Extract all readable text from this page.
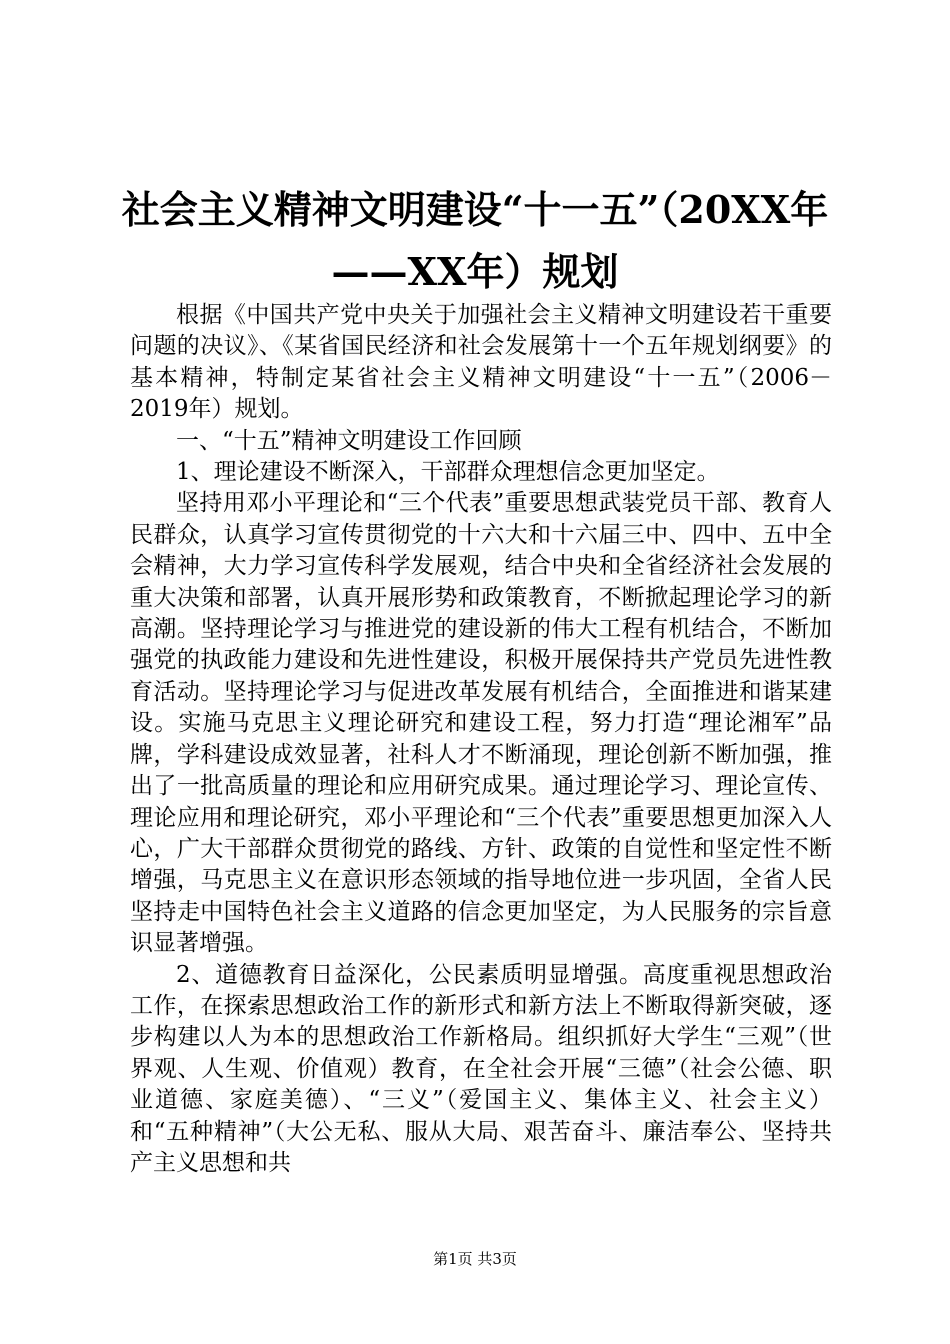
社会主义精神文明建设“十一五”（20XX年
——XX年）规划

根据《中国共产党中央关于加强社会主义精神文明建设若干重要问题的决议》、《某省国民经济和社会发展第十一个五年规划纲要》的基本精神，特制定某省社会主义精神文明建设“十一五”（2006－2019年）规划。

一、“十五”精神文明建设工作回顾

1、理论建设不断深入，干部群众理想信念更加坚定。

坚持用邓小平理论和“三个代表”重要思想武装党员干部、教育人民群众，认真学习宣传贯彻党的十六大和十六届三中、四中、五中全会精神，大力学习宣传科学发展观，结合中央和全省经济社会发展的重大决策和部署，认真开展形势和政策教育，不断掀起理论学习的新高潮。坚持理论学习与推进党的建设新的伟大工程有机结合，不断加强党的执政能力建设和先进性建设，积极开展保持共产党员先进性教育活动。坚持理论学习与促进改革发展有机结合，全面推进和谐某建设。实施马克思主义理论研究和建设工程，努力打造“理论湘军”品牌，学科建设成效显著，社科人才不断涌现，理论创新不断加强，推出了一批高质量的理论和应用研究成果。通过理论学习、理论宣传、理论应用和理论研究，邓小平理论和“三个代表”重要思想更加深入人心，广大干部群众贯彻党的路线、方针、政策的自觉性和坚定性不断增强，马克思主义在意识形态领域的指导地位进一步巩固，全省人民坚持走中国特色社会主义道路的信念更加坚定，为人民服务的宗旨意识显著增强。

2、道德教育日益深化，公民素质明显增强。高度重视思想政治工作，在探索思想政治工作的新形式和新方法上不断取得新突破，逐步构建以人为本的思想政治工作新格局。组织抓好大学生“三观”（世界观、人生观、价值观）教育，在全社会开展“三德”（社会公德、职业道德、家庭美德）、“三义”（爱国主义、集体主义、社会主义）和“五种精神”（大公无私、服从大局、艰苦奋斗、廉洁奉公、坚持共产主义思想和共

第1页 共3页
